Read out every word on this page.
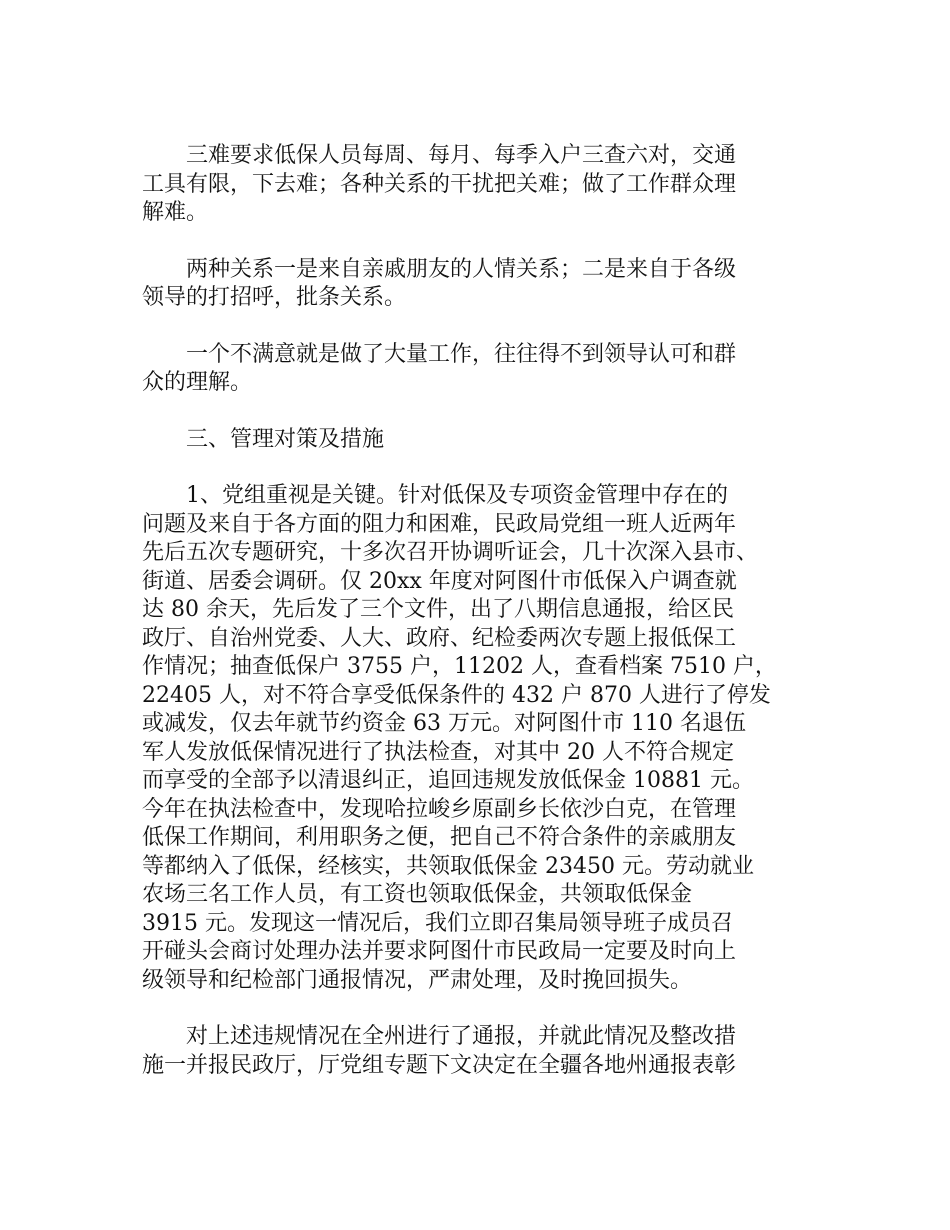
　　三难要求低保人员每周、每月、每季入户三查六对，交通
工具有限，下去难；各种关系的干扰把关难；做了工作群众理
解难。
　　两种关系一是来自亲戚朋友的人情关系；二是来自于各级
领导的打招呼，批条关系。
　　一个不满意就是做了大量工作，往往得不到领导认可和群
众的理解。
　　三、管理对策及措施
　　1、党组重视是关键。针对低保及专项资金管理中存在的
问题及来自于各方面的阻力和困难，民政局党组一班人近两年
先后五次专题研究，十多次召开协调听证会，几十次深入县市、
街道、居委会调研。仅 20xx 年度对阿图什市低保入户调查就
达 80 余天，先后发了三个文件，出了八期信息通报，给区民
政厅、自治州党委、人大、政府、纪检委两次专题上报低保工
作情况；抽查低保户 3755 户，11202 人，查看档案 7510 户，
22405 人，对不符合享受低保条件的 432 户 870 人进行了停发
或减发，仅去年就节约资金 63 万元。对阿图什市 110 名退伍
军人发放低保情况进行了执法检查，对其中 20 人不符合规定
而享受的全部予以清退纠正，追回违规发放低保金 10881 元。
今年在执法检查中，发现哈拉峻乡原副乡长依沙白克，在管理
低保工作期间，利用职务之便，把自己不符合条件的亲戚朋友
等都纳入了低保，经核实，共领取低保金 23450 元。劳动就业
农场三名工作人员，有工资也领取低保金，共领取低保金
3915 元。发现这一情况后，我们立即召集局领导班子成员召
开碰头会商讨处理办法并要求阿图什市民政局一定要及时向上
级领导和纪检部门通报情况，严肃处理，及时挽回损失。
　　对上述违规情况在全州进行了通报，并就此情况及整改措
施一并报民政厅，厅党组专题下文决定在全疆各地州通报表彰
